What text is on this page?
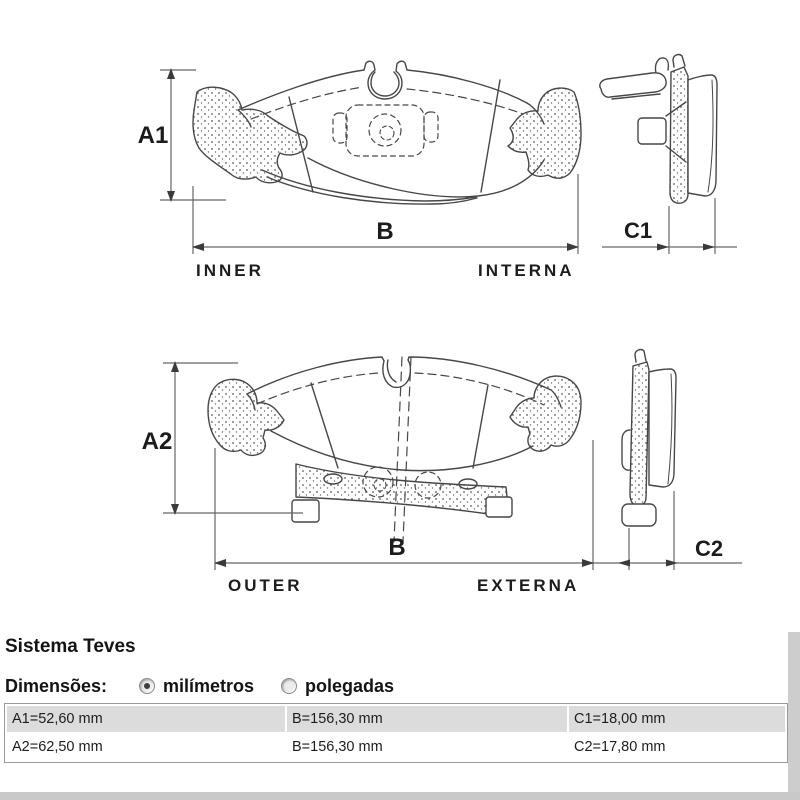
A1
B	C1
A2
B	C2
INNER	INTERNA
OUTER	EXTERNA
Sistema Teves
Dimensões:	milímetros	polegadas
A1=52,60 mm	B=156,30 mm	C1=18,00 mm
A2=62,50 mm	B=156,30 mm	C2=17,80 mm
